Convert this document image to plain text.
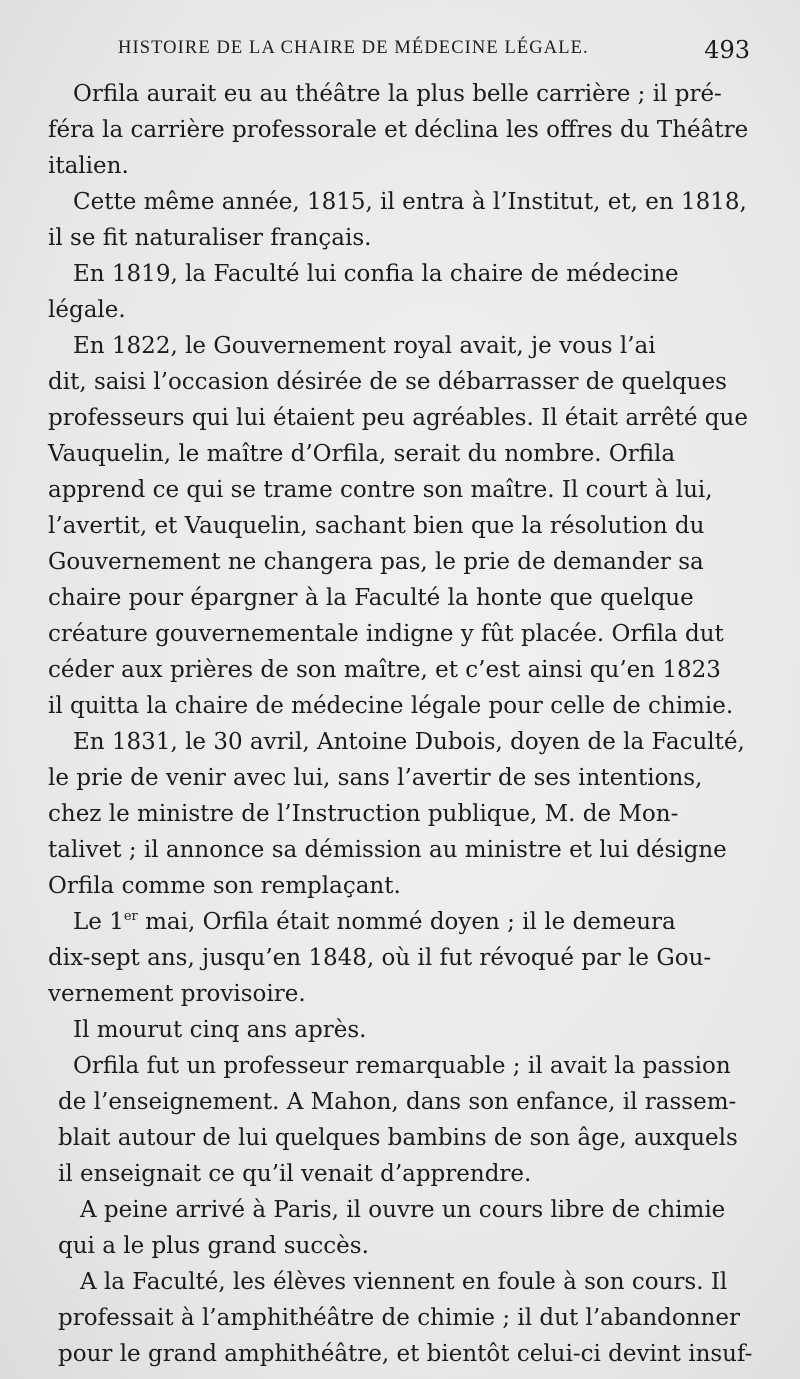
HISTOIRE DE LA CHAIRE DE MÉDECINE LÉGALE.	493

Orfila aurait eu au théâtre la plus belle carrière ; il pré-
féra la carrière professorale et déclina les offres du Théâtre
italien.

Cette même année, 1815, il entra à l’Institut, et, en 1818,
il se fit naturaliser français.

En 1819, la Faculté lui confia la chaire de médecine
légale.

En 1822, le Gouvernement royal avait, je vous l’ai
dit, saisi l’occasion désirée de se débarrasser de quelques
professeurs qui lui étaient peu agréables. Il était arrêté que
Vauquelin, le maître d’Orfila, serait du nombre. Orfila
apprend ce qui se trame contre son maître. Il court à lui,
l’avertit, et Vauquelin, sachant bien que la résolution du
Gouvernement ne changera pas, le prie de demander sa
chaire pour épargner à la Faculté la honte que quelque
créature gouvernementale indigne y fût placée. Orfila dut
céder aux prières de son maître, et c’est ainsi qu’en 1823
il quitta la chaire de médecine légale pour celle de chimie.

En 1831, le 30 avril, Antoine Dubois, doyen de la Faculté,
le prie de venir avec lui, sans l’avertir de ses intentions,
chez le ministre de l’Instruction publique, M. de Mon-
talivet ; il annonce sa démission au ministre et lui désigne
Orfila comme son remplaçant.

Le 1er mai, Orfila était nommé doyen ; il le demeura
dix-sept ans, jusqu’en 1848, où il fut révoqué par le Gou-
vernement provisoire.

Il mourut cinq ans après.

Orfila fut un professeur remarquable ; il avait la passion
de l’enseignement. A Mahon, dans son enfance, il rassem-
blait autour de lui quelques bambins de son âge, auxquels
il enseignait ce qu’il venait d’apprendre.

A peine arrivé à Paris, il ouvre un cours libre de chimie
qui a le plus grand succès.

A la Faculté, les élèves viennent en foule à son cours. Il
professait à l’amphithéâtre de chimie ; il dut l’abandonner
pour le grand amphithéâtre, et bientôt celui-ci devint insuf-
